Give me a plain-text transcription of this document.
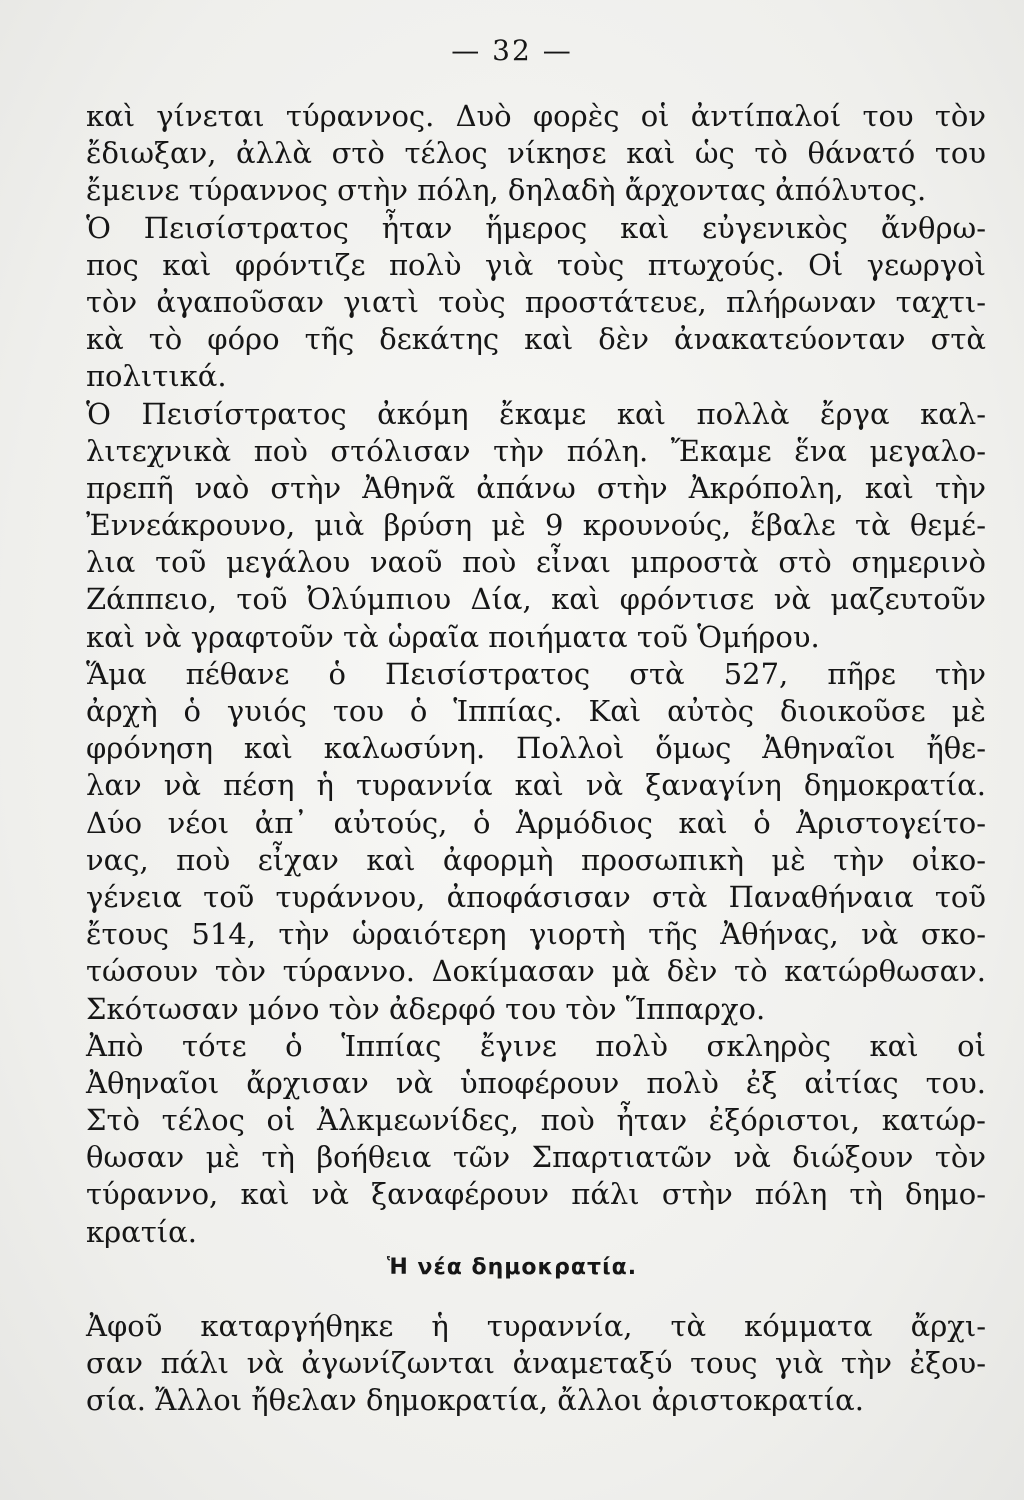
— 32 —
καὶ γίνεται τύραννος. Δυὸ φορὲς οἱ ἀντίπαλοί του τὸν
ἔδιωξαν, ἀλλὰ στὸ τέλος νίκησε καὶ ὡς τὸ θάνατό του
ἔμεινε τύραννος στὴν πόλη, δηλαδὴ ἄρχοντας ἀπόλυτος.
Ὁ Πεισίστρατος ἦταν ἥμερος καὶ εὐγενικὸς ἄνθρω-
πος καὶ φρόντιζε πολὺ γιὰ τοὺς πτωχούς. Οἱ γεωργοὶ
τὸν ἀγαποῦσαν γιατὶ τοὺς προστάτευε, πλήρωναν ταχτι-
κὰ τὸ φόρο τῆς δεκάτης καὶ δὲν ἀνακατεύονταν στὰ
πολιτικά.
Ὁ Πεισίστρατος ἀκόμη ἔκαμε καὶ πολλὰ ἔργα καλ-
λιτεχνικὰ ποὺ στόλισαν τὴν πόλη. Ἔκαμε ἕνα μεγαλο-
πρεπῆ ναὸ στὴν Ἀθηνᾶ ἀπάνω στὴν Ἀκρόπολη, καὶ τὴν
Ἐννεάκρουνο, μιὰ βρύση μὲ 9 κρουνούς, ἔβαλε τὰ θεμέ-
λια τοῦ μεγάλου ναοῦ ποὺ εἶναι μπροστὰ στὸ σημερινὸ
Ζάππειο, τοῦ Ὀλύμπιου Δία, καὶ φρόντισε νὰ μαζευτοῦν
καὶ νὰ γραφτοῦν τὰ ὡραῖα ποιήματα τοῦ Ὁμήρου.
Ἅμα πέθανε ὁ Πεισίστρατος στὰ 527, πῆρε τὴν
ἀρχὴ ὁ γυιός του ὁ Ἱππίας. Καὶ αὐτὸς διοικοῦσε μὲ
φρόνηση καὶ καλωσύνη. Πολλοὶ ὅμως Ἀθηναῖοι ἤθε-
λαν νὰ πέση ἡ τυραννία καὶ νὰ ξαναγίνη δημοκρατία.
Δύο νέοι ἀπ᾿ αὐτούς, ὁ Ἁρμόδιος καὶ ὁ Ἀριστογείτο-
νας, ποὺ εἶχαν καὶ ἀφορμὴ προσωπικὴ μὲ τὴν οἰκο-
γένεια τοῦ τυράννου, ἀποφάσισαν στὰ Παναθήναια τοῦ
ἔτους 514, τὴν ὡραιότερη γιορτὴ τῆς Ἀθήνας, νὰ σκο-
τώσουν τὸν τύραννο. Δοκίμασαν μὰ δὲν τὸ κατώρθωσαν.
Σκότωσαν μόνο τὸν ἀδερφό του τὸν Ἵππαρχο.
Ἀπὸ τότε ὁ Ἱππίας ἔγινε πολὺ σκληρὸς καὶ οἱ
Ἀθηναῖοι ἄρχισαν νὰ ὑποφέρουν πολὺ ἐξ αἰτίας του.
Στὸ τέλος οἱ Ἀλκμεωνίδες, ποὺ ἦταν ἐξόριστοι, κατώρ-
θωσαν μὲ τὴ βοήθεια τῶν Σπαρτιατῶν νὰ διώξουν τὸν
τύραννο, καὶ νὰ ξαναφέρουν πάλι στὴν πόλη τὴ δημο-
κρατία.
Ἡ νέα δημοκρατία.
Ἀφοῦ καταργήθηκε ἡ τυραννία, τὰ κόμματα ἄρχι-
σαν πάλι νὰ ἀγωνίζωνται ἀναμεταξύ τους γιὰ τὴν ἐξου-
σία. Ἄλλοι ἤθελαν δημοκρατία, ἄλλοι ἀριστοκρατία.
